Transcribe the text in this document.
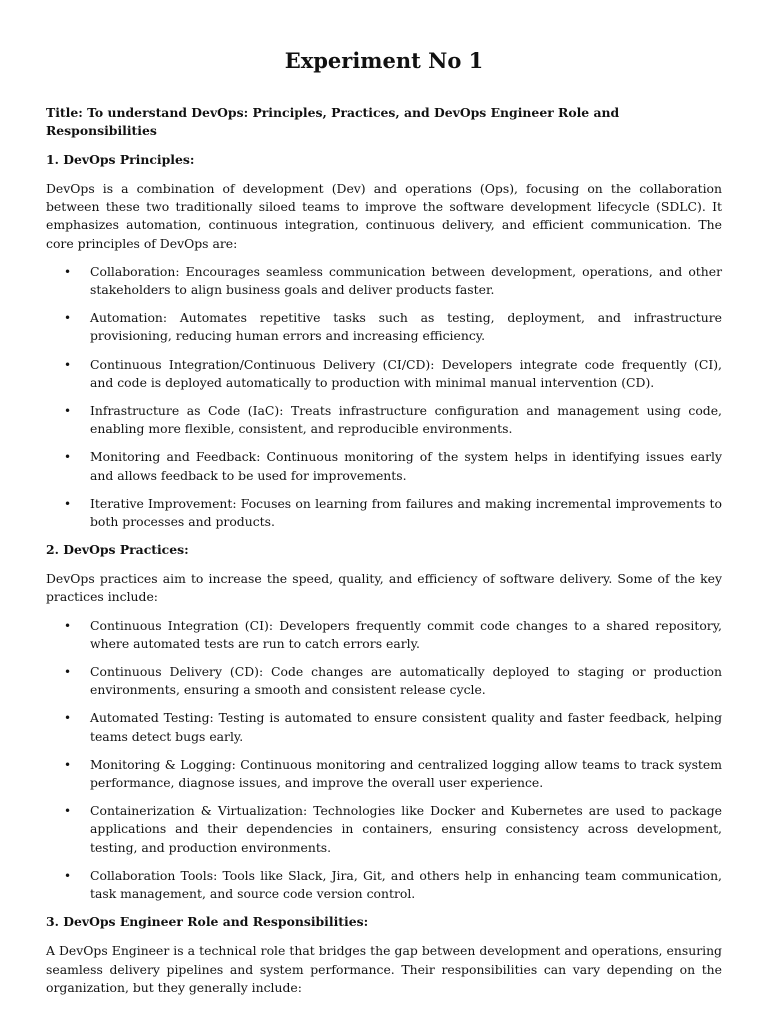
Experiment No 1

Title: To understand DevOps: Principles, Practices, and DevOps Engineer Role and Responsibilities

1. DevOps Principles:

DevOps is a combination of development (Dev) and operations (Ops), focusing on the collaboration between these two traditionally siloed teams to improve the software development lifecycle (SDLC). It emphasizes automation, continuous integration, continuous delivery, and efficient communication. The core principles of DevOps are:

• Collaboration: Encourages seamless communication between development, operations, and other stakeholders to align business goals and deliver products faster.
• Automation: Automates repetitive tasks such as testing, deployment, and infrastructure provisioning, reducing human errors and increasing efficiency.
• Continuous Integration/Continuous Delivery (CI/CD): Developers integrate code frequently (CI), and code is deployed automatically to production with minimal manual intervention (CD).
• Infrastructure as Code (IaC): Treats infrastructure configuration and management using code, enabling more flexible, consistent, and reproducible environments.
• Monitoring and Feedback: Continuous monitoring of the system helps in identifying issues early and allows feedback to be used for improvements.
• Iterative Improvement: Focuses on learning from failures and making incremental improvements to both processes and products.

2. DevOps Practices:

DevOps practices aim to increase the speed, quality, and efficiency of software delivery. Some of the key practices include:

• Continuous Integration (CI): Developers frequently commit code changes to a shared repository, where automated tests are run to catch errors early.
• Continuous Delivery (CD): Code changes are automatically deployed to staging or production environments, ensuring a smooth and consistent release cycle.
• Automated Testing: Testing is automated to ensure consistent quality and faster feedback, helping teams detect bugs early.
• Monitoring & Logging: Continuous monitoring and centralized logging allow teams to track system performance, diagnose issues, and improve the overall user experience.
• Containerization & Virtualization: Technologies like Docker and Kubernetes are used to package applications and their dependencies in containers, ensuring consistency across development, testing, and production environments.
• Collaboration Tools: Tools like Slack, Jira, Git, and others help in enhancing team communication, task management, and source code version control.

3. DevOps Engineer Role and Responsibilities:

A DevOps Engineer is a technical role that bridges the gap between development and operations, ensuring seamless delivery pipelines and system performance. Their responsibilities can vary depending on the organization, but they generally include:
